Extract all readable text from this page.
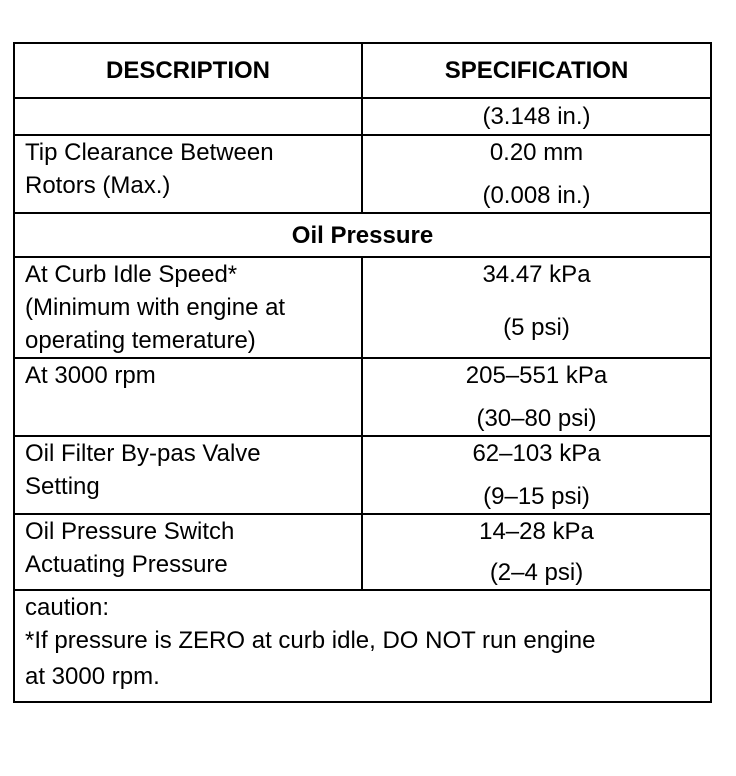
DESCRIPTION	SPECIFICATION

	(3.148 in.)

Tip Clearance Between
Rotors (Max.)	0.20 mm
(0.008 in.)

Oil Pressure	

At Curb Idle Speed*
(Minimum with engine at
operating temerature)	34.47 kPa
(5 psi)

At 3000 rpm	205–551 kPa
(30–80 psi)

Oil Filter By-pas Valve
Setting	62–103 kPa
(9–15 psi)

Oil Pressure Switch
Actuating Pressure	14–28 kPa
(2–4 psi)

caution:
*If pressure is ZERO at curb idle, DO NOT run engine
at 3000 rpm.	
